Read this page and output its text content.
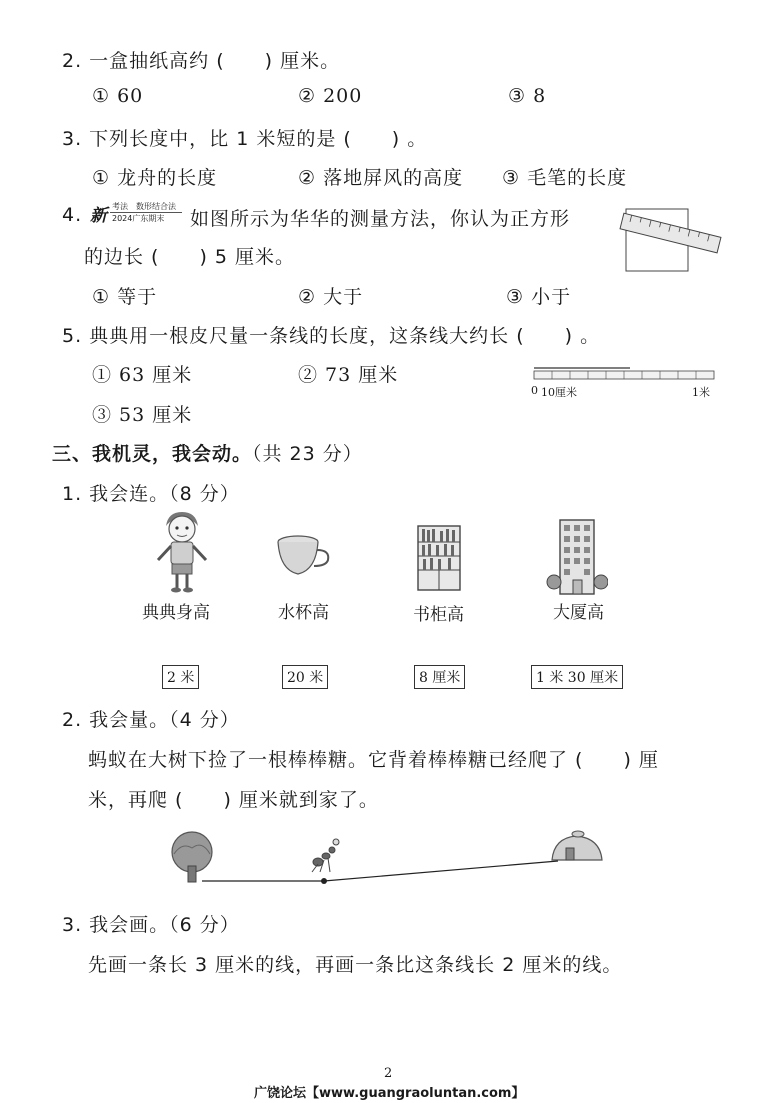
2. 一盒抽纸高约 (　　) 厘米。
① 60	② 200	③ 8
3. 下列长度中，比 1 米短的是 (　　) 。
① 龙舟的长度	② 落地屏风的高度 ③ 毛笔的长度
4. 新 考法　数形结合法
2024广东期末 如图所示为华华的测量方法，你认为正方形
的边长 (　　) 5 厘米。
① 等于	② 大于	③ 小于
5. 典典用一根皮尺量一条线的长度，这条线大约长 (　　) 。
① 63 厘米	② 73 厘米
③ 53 厘米
0 10厘米	1米
三、我机灵，我会动。（共 23 分）
1. 我会连。（8 分）
典典身高	水杯高	书柜高	大厦高
2 米	20 米	8 厘米	1 米 30 厘米
2. 我会量。（4 分）
蚂蚁在大树下捡了一根棒棒糖。它背着棒棒糖已经爬了 (　　) 厘
米，再爬 (　　) 厘米就到家了。
3. 我会画。（6 分）
先画一条长 3 厘米的线，再画一条比这条线长 2 厘米的线。
2
广饶论坛【www.guangraoluntan.com】
